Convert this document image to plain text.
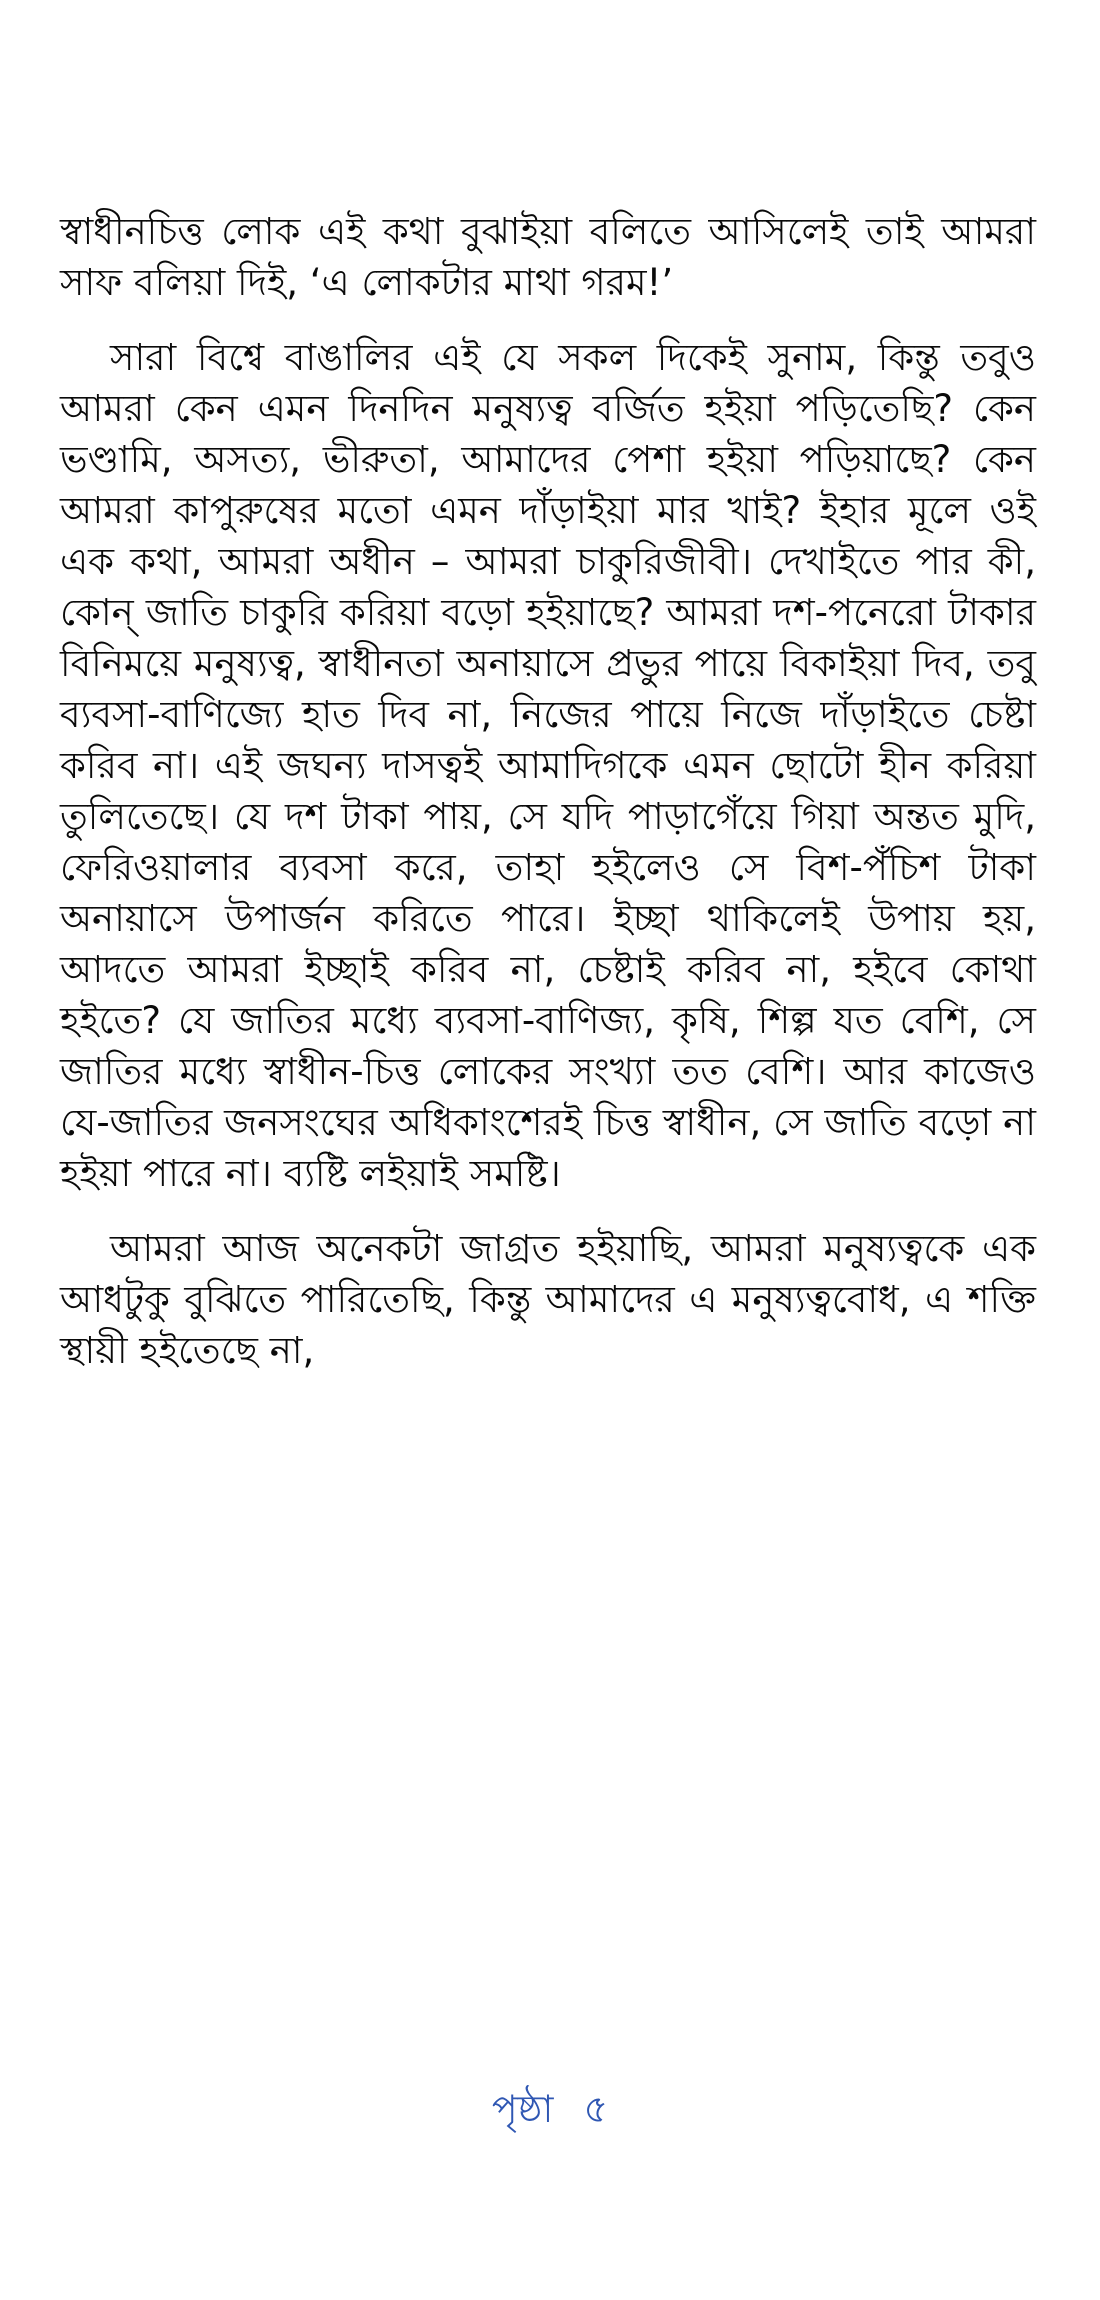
স্বাধীনচিত্ত লোক এই কথা বুঝাইয়া বলিতে আসিলেই তাই আমরা সাফ বলিয়া দিই, ‘এ লোকটার মাথা গরম!’

সারা বিশ্বে বাঙালির এই যে সকল দিকেই সুনাম, কিন্তু তবুও আমরা কেন এমন দিনদিন মনুষ্যত্ব বর্জিত হইয়া পড়িতেছি? কেন ভণ্ডামি, অসত্য, ভীরুতা, আমাদের পেশা হইয়া পড়িয়াছে? কেন আমরা কাপুরুষের মতো এমন দাঁড়াইয়া মার খাই? ইহার মূলে ওই এক কথা, আমরা অধীন – আমরা চাকুরিজীবী। দেখাইতে পার কী, কোন্ জাতি চাকুরি করিয়া বড়ো হইয়াছে? আমরা দশ-পনেরো টাকার বিনিময়ে মনুষ্যত্ব, স্বাধীনতা অনায়াসে প্রভুর পায়ে বিকাইয়া দিব, তবু ব্যবসা-বাণিজ্যে হাত দিব না, নিজের পায়ে নিজে দাঁড়াইতে চেষ্টা করিব না। এই জঘন্য দাসত্বই আমাদিগকে এমন ছোটো হীন করিয়া তুলিতেছে। যে দশ টাকা পায়, সে যদি পাড়াগেঁয়ে গিয়া অন্তত মুদি, ফেরিওয়ালার ব্যবসা করে, তাহা হইলেও সে বিশ-পঁচিশ টাকা অনায়াসে উপার্জন করিতে পারে। ইচ্ছা থাকিলেই উপায় হয়, আদতে আমরা ইচ্ছাই করিব না, চেষ্টাই করিব না, হইবে কোথা হইতে? যে জাতির মধ্যে ব্যবসা-বাণিজ্য, কৃষি, শিল্প যত বেশি, সে জাতির মধ্যে স্বাধীন-চিত্ত লোকের সংখ্যা তত বেশি। আর কাজেও যে-জাতির জনসংঘের অধিকাংশেরই চিত্ত স্বাধীন, সে জাতি বড়ো না হইয়া পারে না। ব্যষ্টি লইয়াই সমষ্টি।

আমরা আজ অনেকটা জাগ্রত হইয়াছি, আমরা মনুষ্যত্বকে এক আধটুকু বুঝিতে পারিতেছি, কিন্তু আমাদের এ মনুষ্যত্ববোধ, এ শক্তি স্থায়ী হইতেছে না,

পৃষ্ঠা ৫
